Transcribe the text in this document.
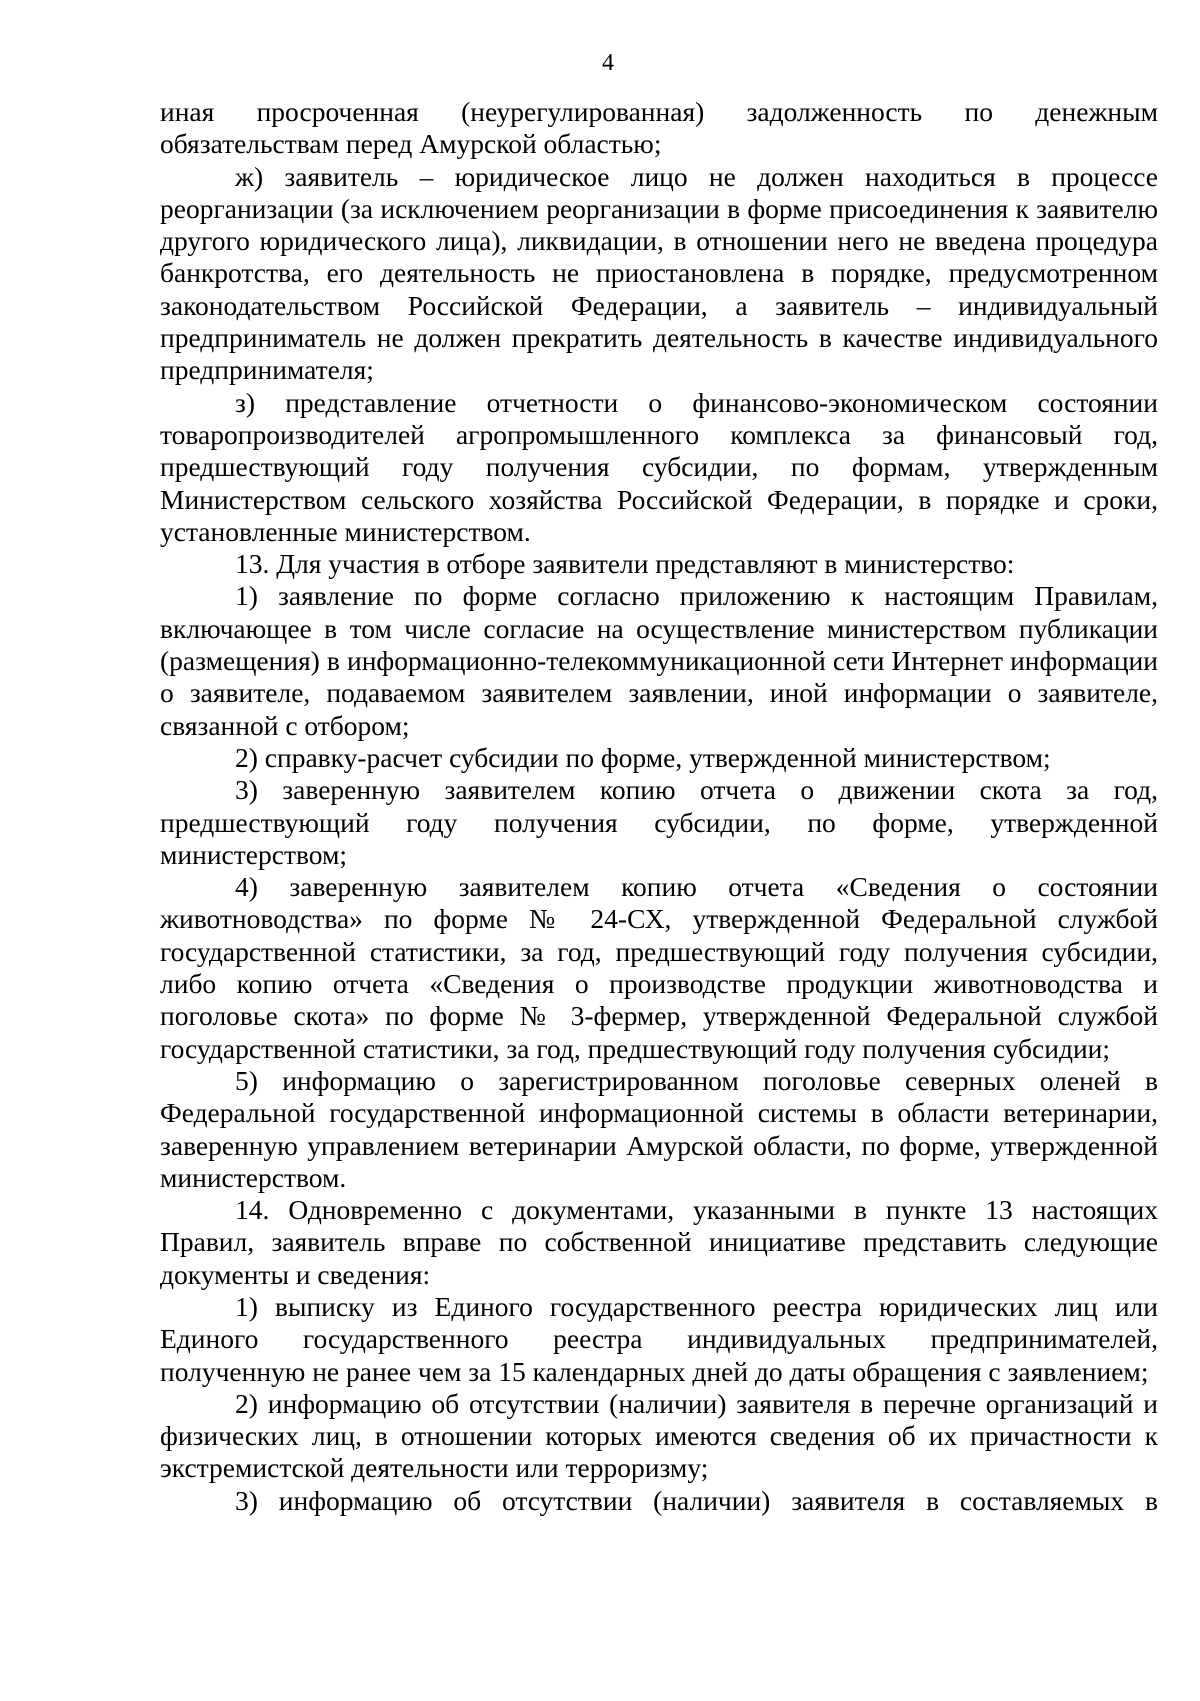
4

иная просроченная (неурегулированная) задолженность по денежным обязательствам перед Амурской областью;

ж) заявитель – юридическое лицо не должен находиться в процессе реорганизации (за исключением реорганизации в форме присоединения к заявителю другого юридического лица), ликвидации, в отношении него не введена процедура банкротства, его деятельность не приостановлена в порядке, предусмотренном законодательством Российской Федерации, а заявитель – индивидуальный предприниматель не должен прекратить деятельность в качестве индивидуального предпринимателя;

з) представление отчетности о финансово-экономическом состоянии товаропроизводителей агропромышленного комплекса за финансовый год, предшествующий году получения субсидии, по формам, утвержденным Министерством сельского хозяйства Российской Федерации, в порядке и сроки, установленные министерством.

13. Для участия в отборе заявители представляют в министерство:

1) заявление по форме согласно приложению к настоящим Правилам, включающее в том числе согласие на осуществление министерством публикации (размещения) в информационно-телекоммуникационной сети Интернет информации о заявителе, подаваемом заявителем заявлении, иной информации о заявителе, связанной с отбором;

2) справку-расчет субсидии по форме, утвержденной министерством;

3) заверенную заявителем копию отчета о движении скота за год, предшествующий году получения субсидии, по форме, утвержденной министерством;

4) заверенную заявителем копию отчета «Сведения о состоянии животноводства» по форме № 24-СХ, утвержденной Федеральной службой государственной статистики, за год, предшествующий году получения субсидии, либо копию отчета «Сведения о производстве продукции животноводства и поголовье скота» по форме № 3-фермер, утвержденной Федеральной службой государственной статистики, за год, предшествующий году получения субсидии;

5) информацию о зарегистрированном поголовье северных оленей в Федеральной государственной информационной системы в области ветеринарии, заверенную управлением ветеринарии Амурской области, по форме, утвержденной министерством.

14. Одновременно с документами, указанными в пункте 13 настоящих Правил, заявитель вправе по собственной инициативе представить следующие документы и сведения:

1) выписку из Единого государственного реестра юридических лиц или Единого государственного реестра индивидуальных предпринимателей, полученную не ранее чем за 15 календарных дней до даты обращения с заявлением;

2) информацию об отсутствии (наличии) заявителя в перечне организаций и физических лиц, в отношении которых имеются сведения об их причастности к экстремистской деятельности или терроризму;

3) информацию об отсутствии (наличии) заявителя в составляемых в
